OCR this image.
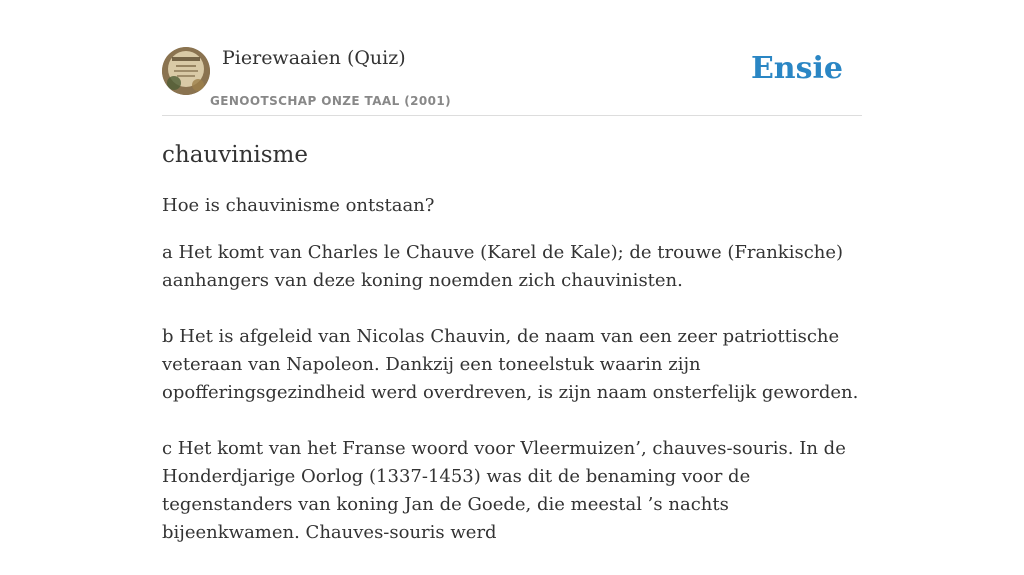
Pierewaaien (Quiz)
GENOOTSCHAP ONZE TAAL (2001)
Ensie
chauvinisme

Hoe is chauvinisme ontstaan?

a Het komt van Charles le Chauve (Karel de Kale); de trouwe (Frankische) aanhangers van deze koning noemden zich chauvinisten.

b Het is afgeleid van Nicolas Chauvin, de naam van een zeer patriottische veteraan van Napoleon. Dankzij een toneelstuk waarin zijn opofferingsgezindheid werd overdreven, is zijn naam onsterfelijk geworden.

c Het komt van het Franse woord voor Vleermuizen’, chauves-souris. In de Honderdjarige Oorlog (1337-1453) was dit de benaming voor de tegenstanders van koning Jan de Goede, die meestal ’s nachts bijeenkwamen. Chauves-souris werd
